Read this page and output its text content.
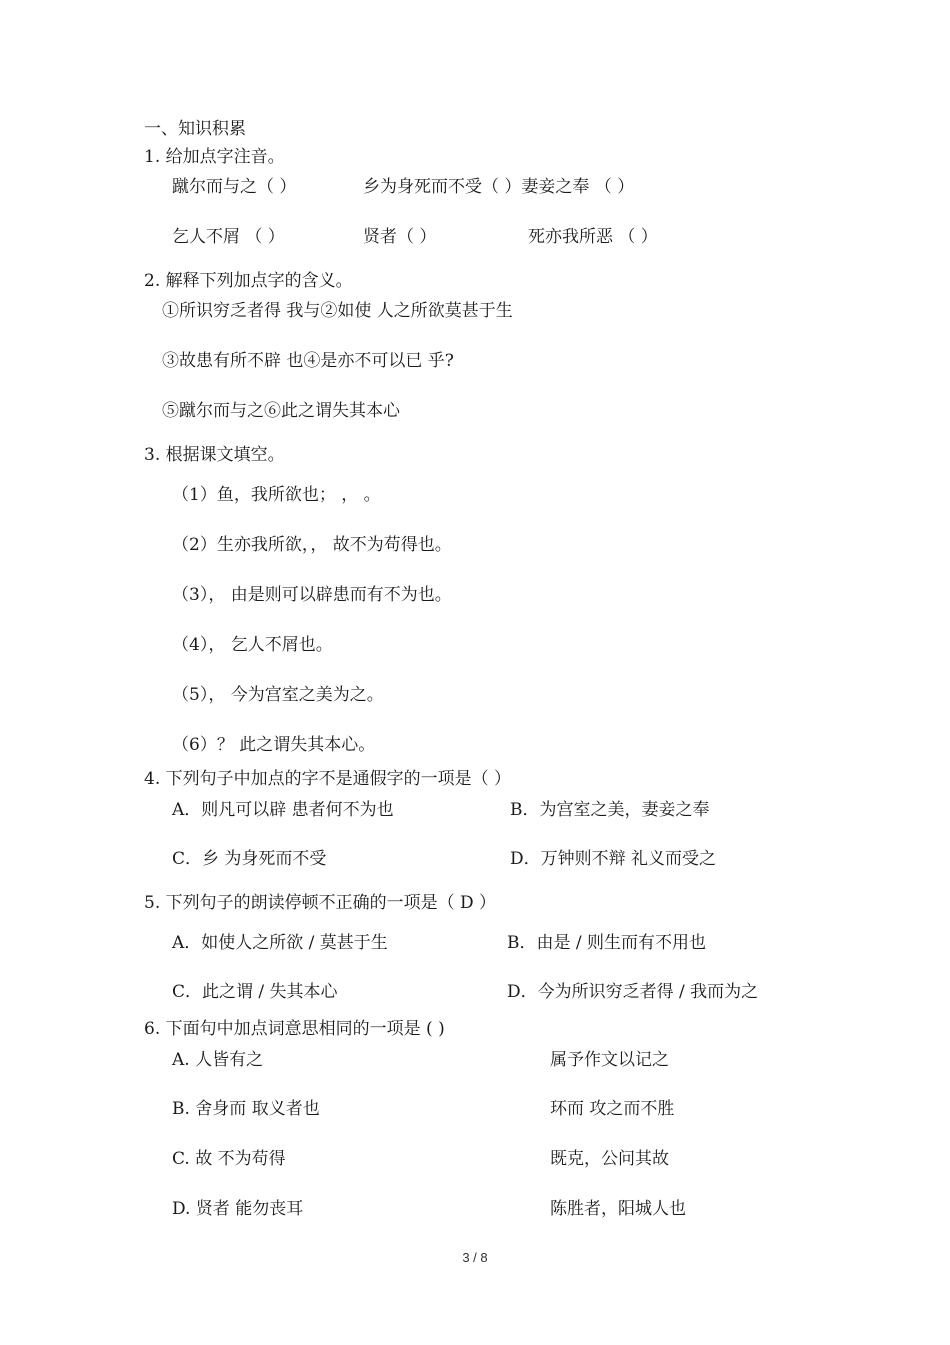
一、知识积累
1. 给加点字注音。
蹴尔而与之（ ）	乡为身死而不受（ ）妻妾之奉 （ ）
乞人不屑 （ ）	贤者（ ）	死亦我所恶 （ ）
2. 解释下列加点字的含义。
①所识穷乏者得 我与②如使 人之所欲莫甚于生
③故患有所不辟 也④是亦不可以已 乎?
⑤蹴尔而与之⑥此之谓失其本心
3. 根据课文填空。
（1）鱼，我所欲也； ， 。
（2）生亦我所欲，， 故不为苟得也。
（3）， 由是则可以辟患而有不为也。
（4）， 乞人不屑也。
（5）， 今为宫室之美为之。
（6）？ 此之谓失其本心。
4. 下列句子中加点的字不是通假字的一项是（ ）
A．则凡可以辟 患者何不为也	B．为宫室之美，妻妾之奉
C．乡 为身死而不受	D．万钟则不辩 礼义而受之
5. 下列句子的朗读停顿不正确的一项是（ D ）
A．如使人之所欲 / 莫甚于生	B．由是 / 则生而有不用也
C．此之谓 / 失其本心	D．今为所识穷乏者得 / 我而为之
6. 下面句中加点词意思相同的一项是 ( )
A. 人皆有之	属予作文以记之
B. 舍身而 取义者也	环而 攻之而不胜
C. 故 不为苟得	既克，公问其故
D. 贤者 能勿丧耳	陈胜者，阳城人也
3 / 8
